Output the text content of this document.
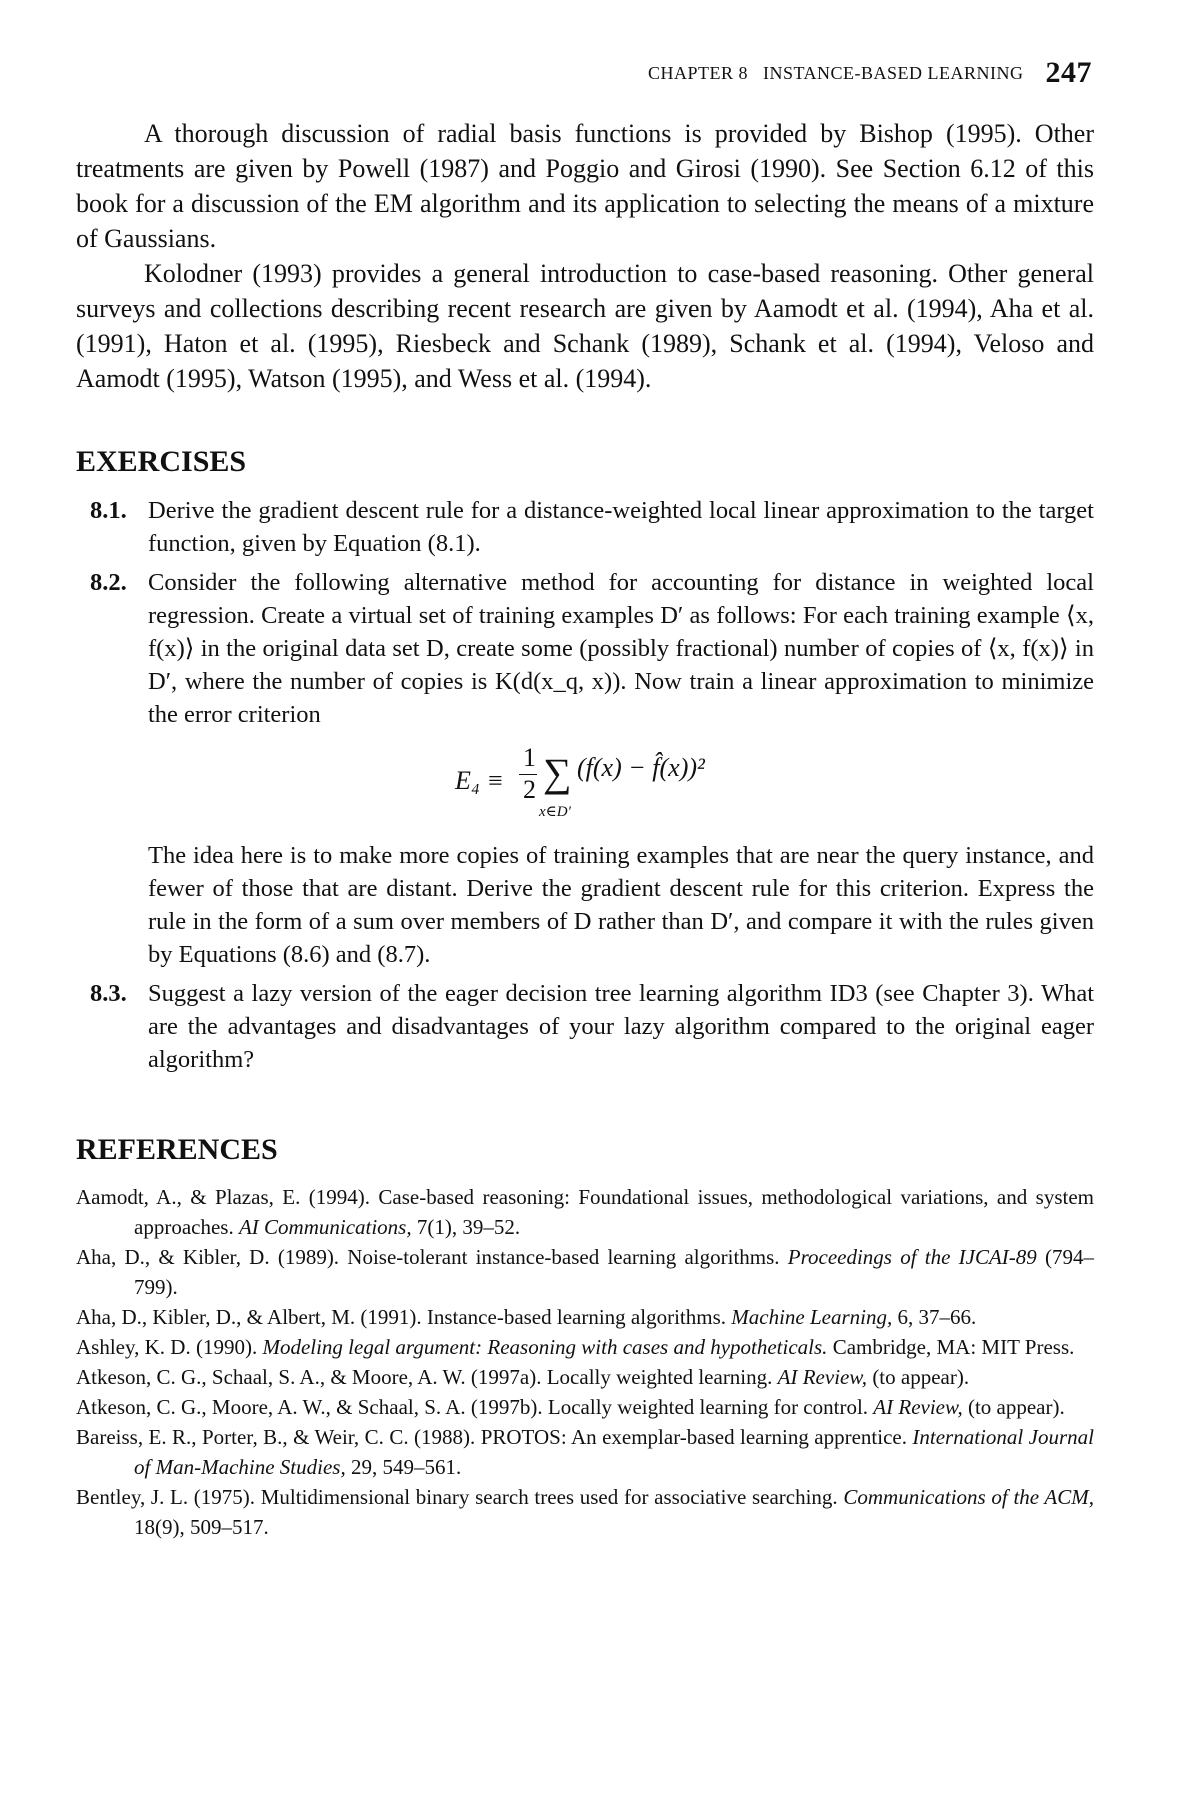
CHAPTER 8   INSTANCE-BASED LEARNING 247

A thorough discussion of radial basis functions is provided by Bishop (1995). Other treatments are given by Powell (1987) and Poggio and Girosi (1990). See Section 6.12 of this book for a discussion of the EM algorithm and its application to selecting the means of a mixture of Gaussians.

Kolodner (1993) provides a general introduction to case-based reasoning. Other general surveys and collections describing recent research are given by Aamodt et al. (1994), Aha et al. (1991), Haton et al. (1995), Riesbeck and Schank (1989), Schank et al. (1994), Veloso and Aamodt (1995), Watson (1995), and Wess et al. (1994).

EXERCISES
8.1. Derive the gradient descent rule for a distance-weighted local linear approximation to the target function, given by Equation (8.1).
8.2. Consider the following alternative method for accounting for distance in weighted local regression. Create a virtual set of training examples D′ as follows: For each training example ⟨x, f(x)⟩ in the original data set D, create some (possibly fractional) number of copies of ⟨x, f(x)⟩ in D′, where the number of copies is K(d(x_q, x)). Now train a linear approximation to minimize the error criterion
E₄ ≡
1
2 ∑
x∈D′
(f(x) − f̂(x))²
The idea here is to make more copies of training examples that are near the query instance, and fewer of those that are distant. Derive the gradient descent rule for this criterion. Express the rule in the form of a sum over members of D rather than D′, and compare it with the rules given by Equations (8.6) and (8.7).
8.3. Suggest a lazy version of the eager decision tree learning algorithm ID3 (see Chapter 3). What are the advantages and disadvantages of your lazy algorithm compared to the original eager algorithm?
REFERENCES

Aamodt, A., & Plazas, E. (1994). Case-based reasoning: Foundational issues, methodological variations, and system approaches. AI Communications, 7(1), 39–52.

Aha, D., & Kibler, D. (1989). Noise-tolerant instance-based learning algorithms. Proceedings of the IJCAI-89 (794–799).

Aha, D., Kibler, D., & Albert, M. (1991). Instance-based learning algorithms. Machine Learning, 6, 37–66.

Ashley, K. D. (1990). Modeling legal argument: Reasoning with cases and hypotheticals. Cambridge, MA: MIT Press.

Atkeson, C. G., Schaal, S. A., & Moore, A. W. (1997a). Locally weighted learning. AI Review, (to appear).

Atkeson, C. G., Moore, A. W., & Schaal, S. A. (1997b). Locally weighted learning for control. AI Review, (to appear).

Bareiss, E. R., Porter, B., & Weir, C. C. (1988). PROTOS: An exemplar-based learning apprentice. International Journal of Man-Machine Studies, 29, 549–561.

Bentley, J. L. (1975). Multidimensional binary search trees used for associative searching. Communications of the ACM, 18(9), 509–517.
